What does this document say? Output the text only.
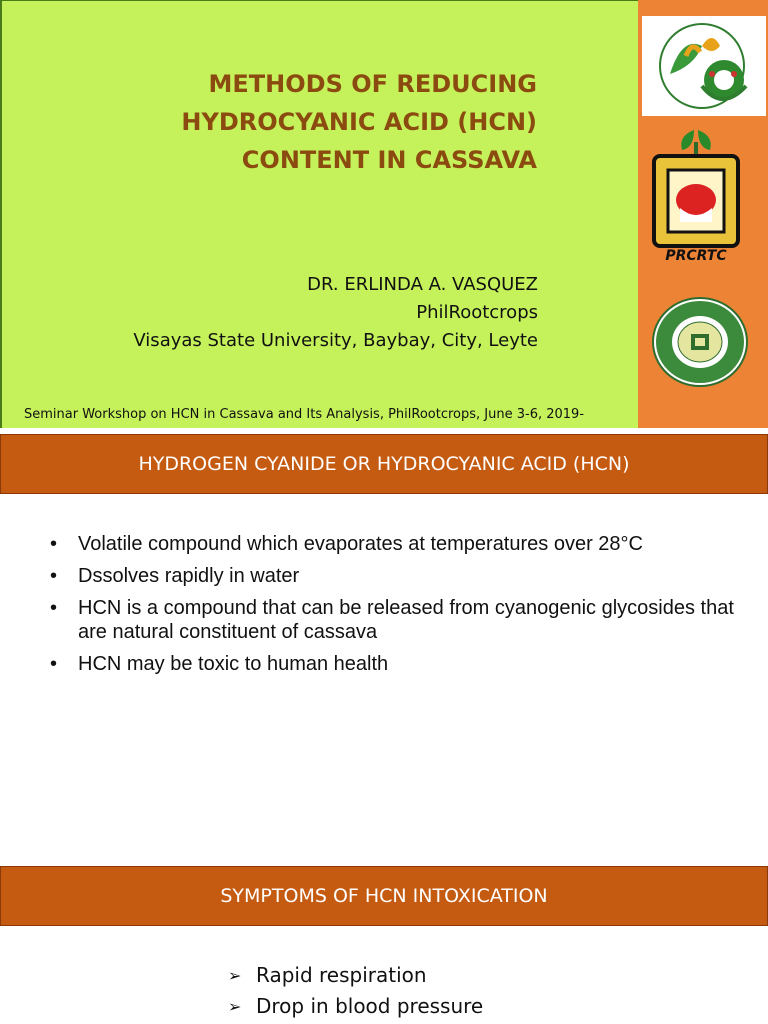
METHODS OF REDUCING
HYDROCYANIC ACID (HCN)
CONTENT IN CASSAVA
DR. ERLINDA A. VASQUEZ
PhilRootcrops
Visayas State University, Baybay, City, Leyte
Seminar Workshop on HCN in Cassava and Its Analysis, PhilRootcrops, June 3-6, 2019-
PRCRTC
HYDROGEN CYANIDE OR HYDROCYANIC ACID (HCN)
• Volatile compound which evaporates at temperatures over 28°C
• Dssolves rapidly in water
• HCN is a compound that can be released from cyanogenic glycosides that are natural constituent of cassava
• HCN may be toxic to human health
SYMPTOMS OF HCN INTOXICATION
➢ Rapid respiration
➢ Drop in blood pressure
